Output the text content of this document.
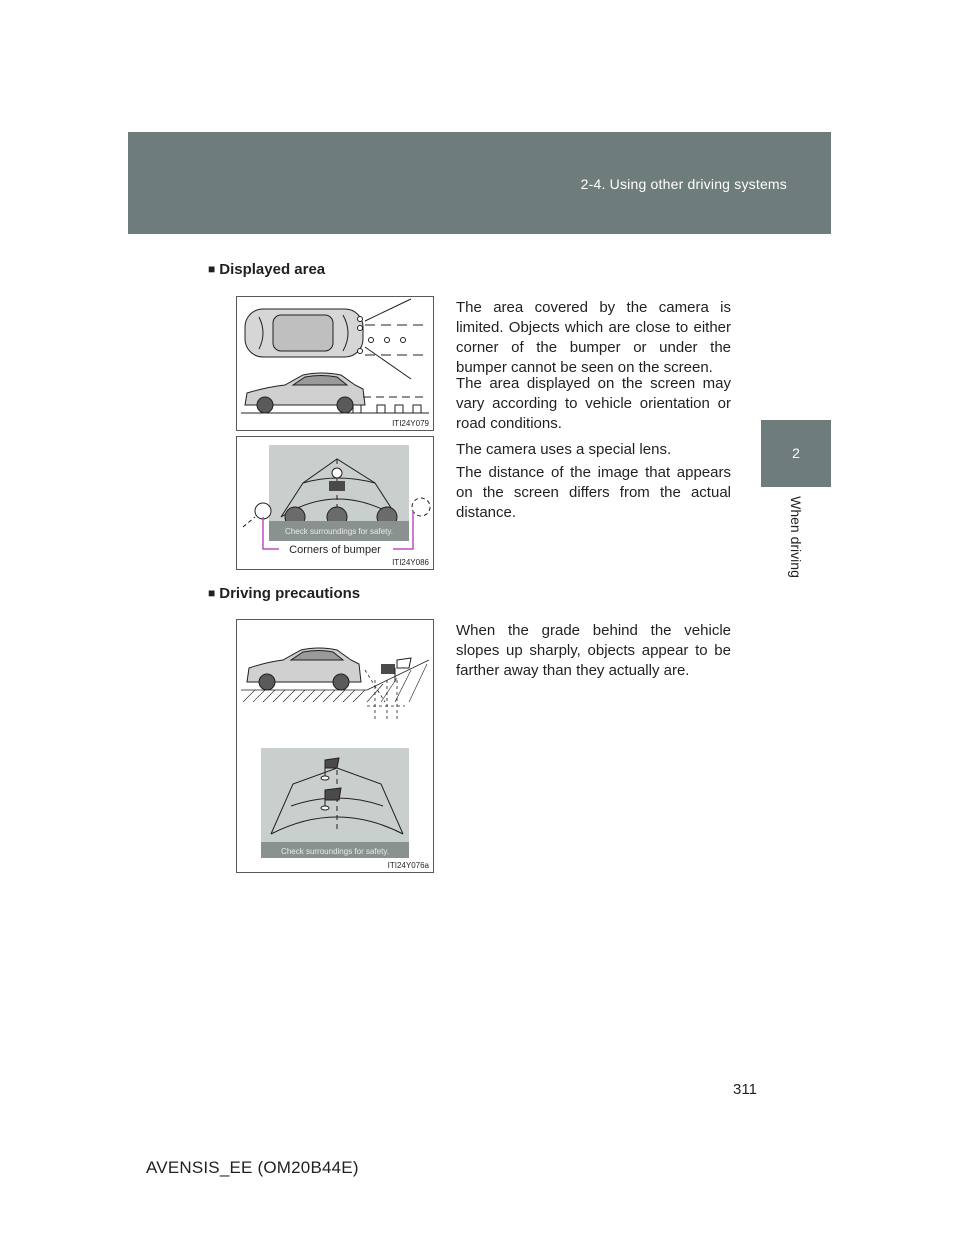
2-4. Using other driving systems
2
When driving
■ Displayed area

The area covered by the camera is limited. Objects which are close to either corner of the bumper or under the bumper cannot be seen on the screen.

The area displayed on the screen may vary according to vehicle orientation or road conditions.

The camera uses a special lens.

The distance of the image that appears on the screen differs from the actual distance.

ITI24Y079
Check surroundings for safety.
Corners of bumper
ITI24Y086
■ Driving precautions

When the grade behind the vehicle slopes up sharply, objects appear to be farther away than they actually are.

Check surroundings for safety.
ITI24Y076a
311
AVENSIS_EE (OM20B44E)
